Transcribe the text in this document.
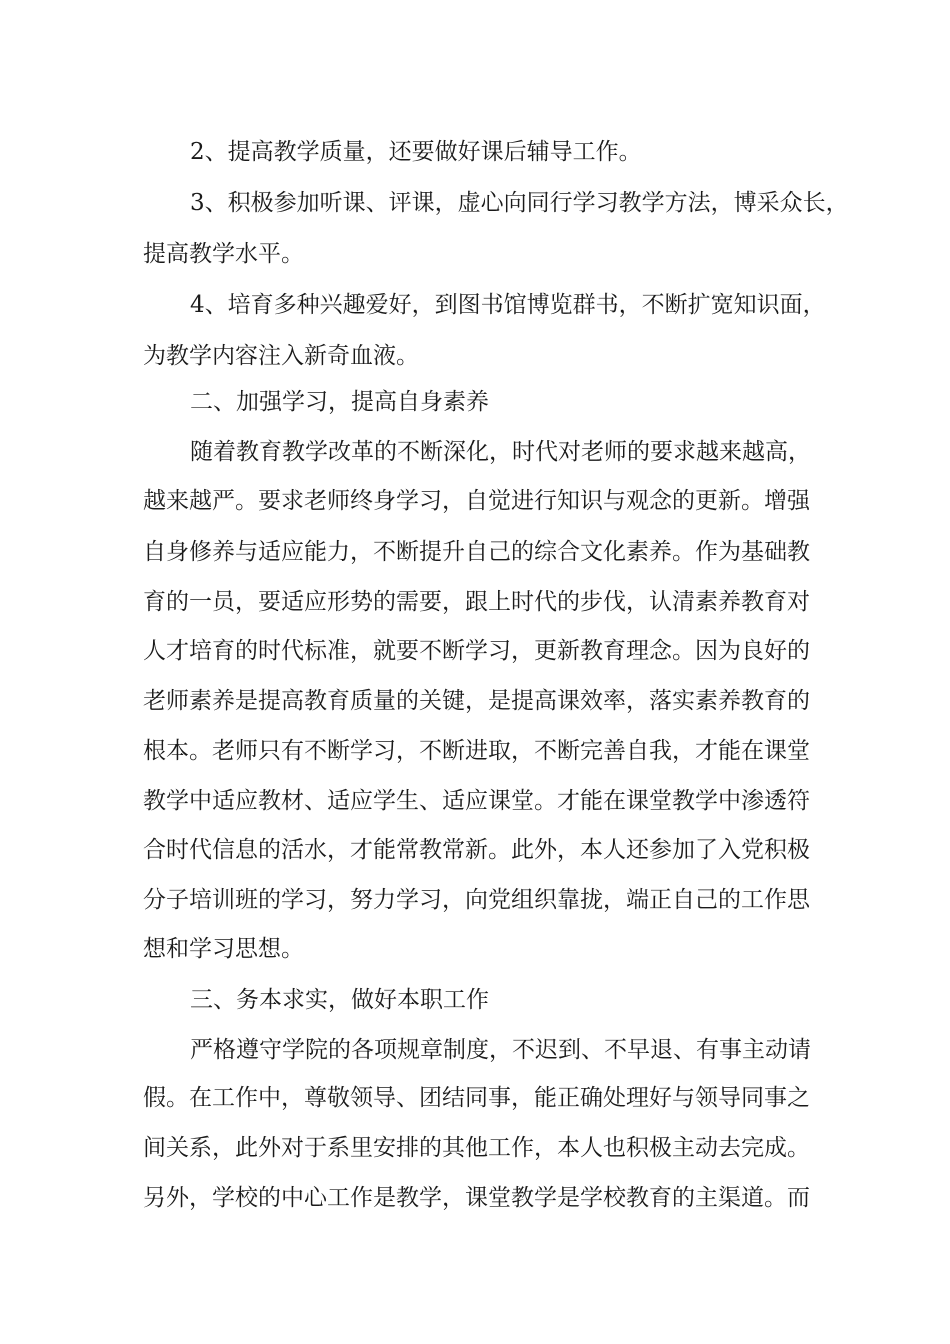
2、提高教学质量，还要做好课后辅导工作。
3、积极参加听课、评课，虚心向同行学习教学方法，博采众长，
提高教学水平。
4、培育多种兴趣爱好，到图书馆博览群书，不断扩宽知识面，
为教学内容注入新奇血液。
二、加强学习，提高自身素养
随着教育教学改革的不断深化，时代对老师的要求越来越高，
越来越严。要求老师终身学习，自觉进行知识与观念的更新。增强
自身修养与适应能力，不断提升自己的综合文化素养。作为基础教
育的一员，要适应形势的需要，跟上时代的步伐，认清素养教育对
人才培育的时代标准，就要不断学习，更新教育理念。因为良好的
老师素养是提高教育质量的关键，是提高课效率，落实素养教育的
根本。老师只有不断学习，不断进取，不断完善自我，才能在课堂
教学中适应教材、适应学生、适应课堂。才能在课堂教学中渗透符
合时代信息的活水，才能常教常新。此外，本人还参加了入党积极
分子培训班的学习，努力学习，向党组织靠拢，端正自己的工作思
想和学习思想。
三、务本求实，做好本职工作
严格遵守学院的各项规章制度，不迟到、不早退、有事主动请
假。在工作中，尊敬领导、团结同事，能正确处理好与领导同事之
间关系，此外对于系里安排的其他工作，本人也积极主动去完成。
另外，学校的中心工作是教学，课堂教学是学校教育的主渠道。而
